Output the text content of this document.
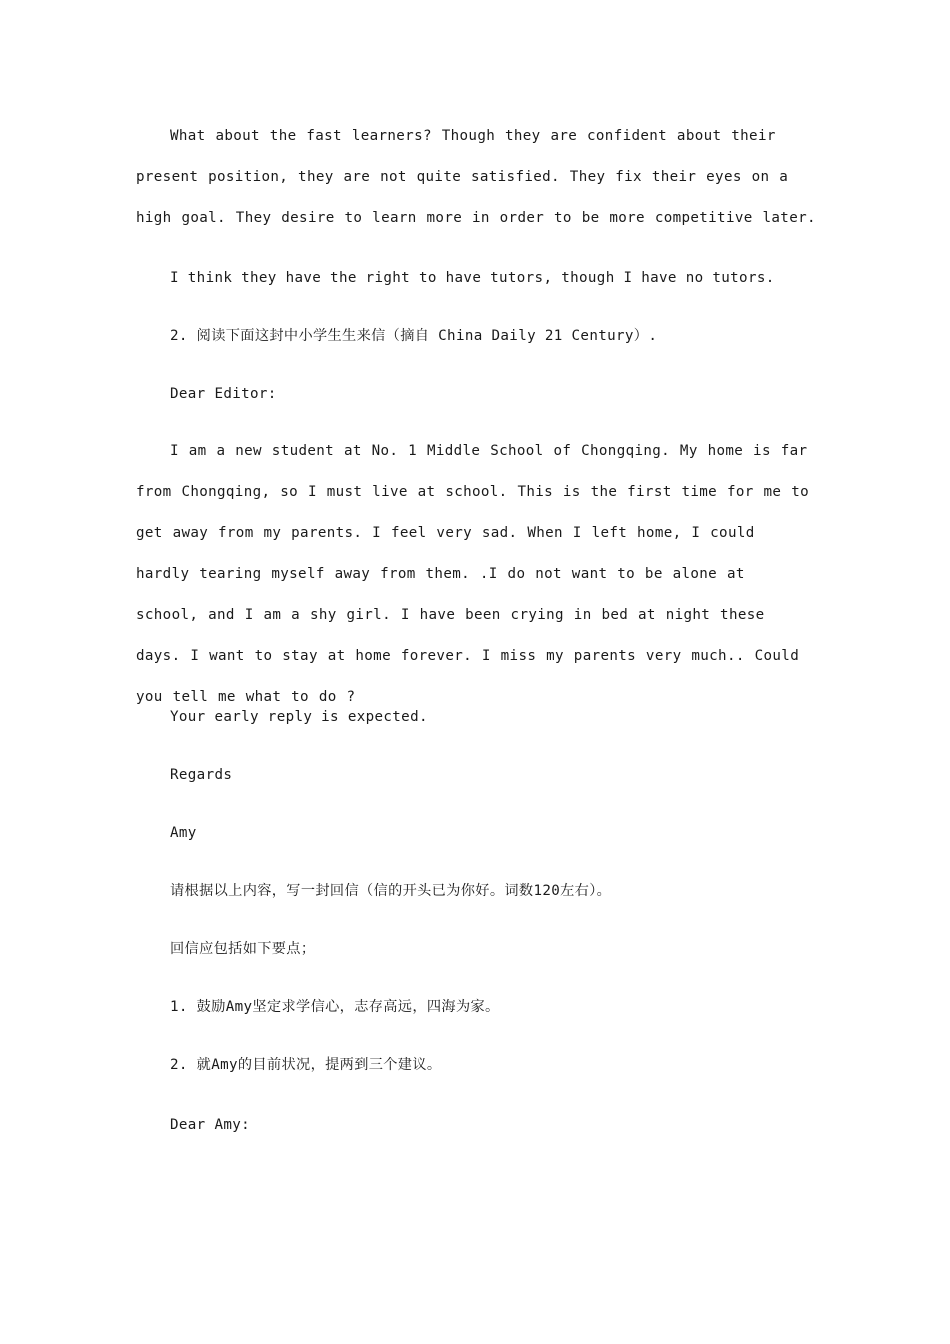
What about the fast learners? Though they are confident about their present position, they are not quite satisfied. They fix their eyes on a high goal. They desire to learn more in order to be more competitive later.

I think they have the right to have tutors, though I have no tutors.

2. 阅读下面这封中小学生生来信（摘自 China Daily 21 Century）.

Dear Editor:

I am a new student at No. 1 Middle School of Chongqing. My home is far from Chongqing, so I must live at school. This is the first time for me to get away from my parents. I feel very sad. When I left home, I could hardly tearing myself away from them. .I do not want to be alone at school, and I am a shy girl. I have been crying in bed at night these days. I want to stay at home forever. I miss my parents very much.. Could you tell me what to do ?

Your early reply is expected.

Regards

Amy

请根据以上内容，写一封回信（信的开头已为你好。词数120左右）。

回信应包括如下要点；

1. 鼓励Amy坚定求学信心，志存高远，四海为家。

2. 就Amy的目前状况，提两到三个建议。

Dear Amy:
